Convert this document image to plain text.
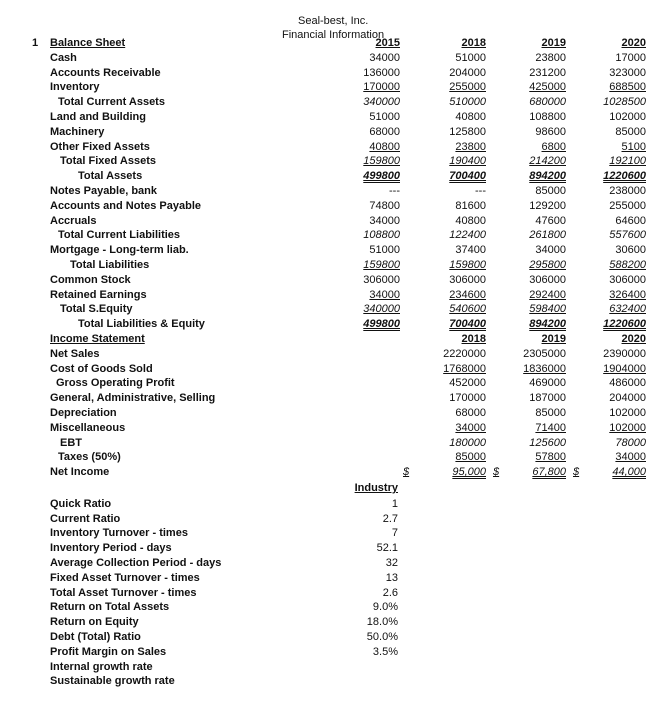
Seal-best, Inc.
Financial Information
1 Balance Sheet	2015	2018	2019	2020
Cash	34000	51000	23800	17000
Accounts Receivable	136000	204000	231200	323000
Inventory	170000	255000	425000	688500
Total Current Assets	340000	510000	680000	1028500
Land and Building	51000	40800	108800	102000
Machinery	68000	125800	98600	85000
Other Fixed Assets	40800	23800	6800	5100
Total Fixed Assets	159800	190400	214200	192100
Total Assets	499800	700400	894200	1220600
Notes Payable, bank	---	---	85000	238000
Accounts and Notes Payable	74800	81600	129200	255000
Accruals	34000	40800	47600	64600
Total Current Liabilities	108800	122400	261800	557600
Mortgage - Long-term liab.	51000	37400	34000	30600
Total Liabilities	159800	159800	295800	588200
Common Stock	306000	306000	306000	306000
Retained Earnings	34000	234600	292400	326400
Total S.Equity	340000	540600	598400	632400
Total Liabilities & Equity	499800	700400	894200	1220600
Income Statement	2018	2019	2020
Net Sales	2220000	2305000	2390000
Cost of Goods Sold	1768000	1836000	1904000
Gross Operating Profit	452000	469000	486000
General, Administrative, Selling	170000	187000	204000
Depreciation	68000	85000	102000
Miscellaneous	34000	71400	102000
EBT	180000	125600	78000
Taxes (50%)	85000	57800	34000
Net Income	95,000	67,800	44,000
$	$	$
Industry
Quick Ratio	1
Current Ratio	2.7
Inventory Turnover - times	7
Inventory Period - days	52.1
Average Collection Period - days	32
Fixed Asset Turnover - times	13
Total Asset Turnover - times	2.6
Return on Total Assets	9.0%
Return on Equity	18.0%
Debt (Total) Ratio	50.0%
Profit Margin on Sales	3.5%
Internal growth rate
Sustainable growth rate
